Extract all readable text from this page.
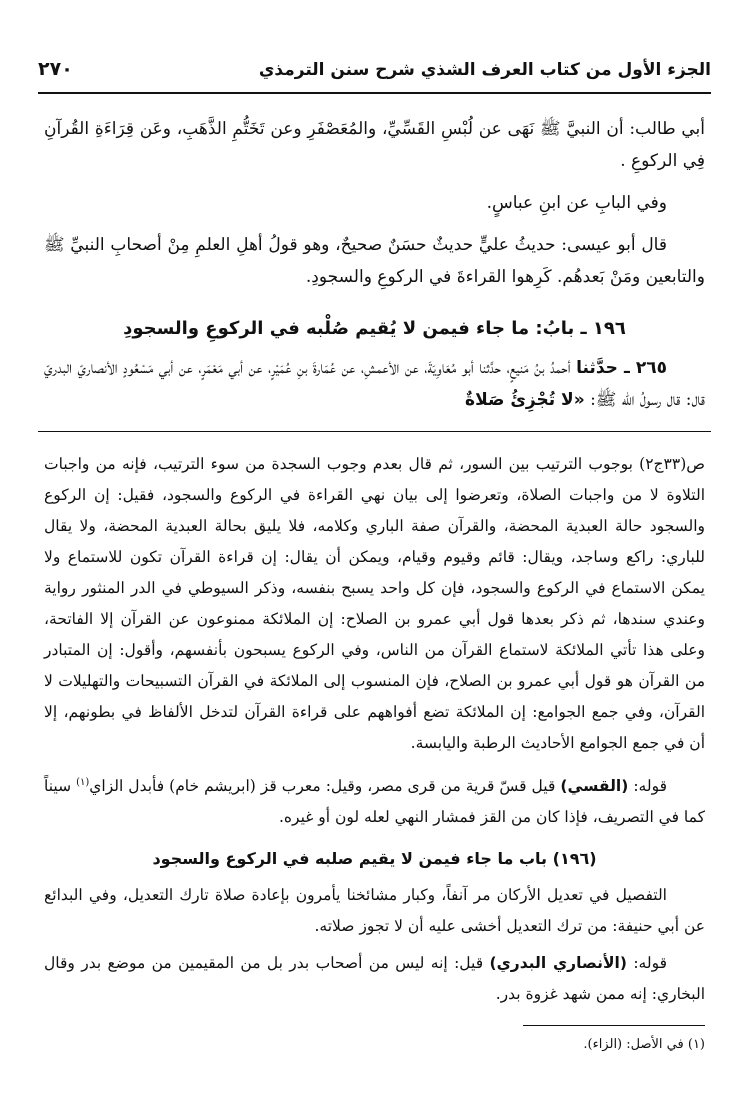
الجزء الأول من كتاب العرف الشذي شرح سنن الترمذي
٢٧٠

أبي طالب: أن النبيَّ ﷺ نَهَى عن لُبْسِ القَسِّيِّ، والمُعَصْفَرِ وعن تَخَتُّمِ الذَّهَبِ، وعَن قِرَاءَةِ القُرآنِ فِي الركوعِ .

وفي البابِ عن ابنِ عباسٍ.

قال أبو عيسى: حديثُ عليٍّ حديثٌ حسَنٌ صحيحٌ، وهو قولُ أهلِ العلمِ مِنْ أصحابِ النبيِّ ﷺ والتابعين ومَنْ بَعدهُم. كَرِهوا القراءةَ في الركوعِ والسجودِ.

١٩٦ ـ بابُ: ما جاء فيمن لا يُقيم صُلْبه في الركوعِ والسجودِ

٢٦٥ ـ حدَّثنا أحمدُ بنُ مَنيعٍ، حدَّثنا أبو مُعَاوِيَةَ، عن الأعمشِ، عن عُمَارةَ بنِ عُمَيْرٍ، عن أبي مَعْمَرٍ، عن أبي مَسْعُودٍ الأنصاريّ البدريّ قال: قال رسولُ الله ﷺ: «لا تُجْزِئُ صَلاةٌ

ص(٣٣ج٢) بوجوب الترتيب بين السور، ثم قال بعدم وجوب السجدة من سوء الترتيب، فإنه من واجبات التلاوة لا من واجبات الصلاة، وتعرضوا إلى بيان نهي القراءة في الركوع والسجود، فقيل: إن الركوع والسجود حالة العبدية المحضة، والقرآن صفة الباري وكلامه، فلا يليق بحالة العبدية المحضة، ولا يقال للباري: راكع وساجد، ويقال: قائم وقيوم وقيام، ويمكن أن يقال: إن قراءة القرآن تكون للاستماع ولا يمكن الاستماع في الركوع والسجود، فإن كل واحد يسبح بنفسه، وذكر السيوطي في الدر المنثور رواية وعندي سندها، ثم ذكر بعدها قول أبي عمرو بن الصلاح: إن الملائكة ممنوعون عن القرآن إلا الفاتحة، وعلى هذا تأتي الملائكة لاستماع القرآن من الناس، وفي الركوع يسبحون بأنفسهم، وأقول: إن المتبادر من القرآن هو قول أبي عمرو بن الصلاح، فإن المنسوب إلى الملائكة في القرآن التسبيحات والتهليلات لا القرآن، وفي جمع الجوامع: إن الملائكة تضع أفواههم على قراءة القرآن لتدخل الألفاظ في بطونهم، إلا أن في جمع الجوامع الأحاديث الرطبة واليابسة.

قوله: (القسي) قيل قسّ قرية من قرى مصر، وقيل: معرب قز (ابريشم خام) فأبدل الزاي$^{(١)}$ سيناً كما في التصريف، فإذا كان من القز فمشار النهي لعله لون أو غيره.

(١٩٦) باب ما جاء فيمن لا يقيم صلبه في الركوع والسجود

التفصيل في تعديل الأركان مر آنفاً، وكبار مشائخنا يأمرون بإعادة صلاة تارك التعديل، وفي البدائع عن أبي حنيفة: من ترك التعديل أخشى عليه أن لا تجوز صلاته.

قوله: (الأنصاري البدري) قيل: إنه ليس من أصحاب بدر بل من المقيمين من موضع بدر وقال البخاري: إنه ممن شهد غزوة بدر.

(١) في الأصل: (الزاء).
